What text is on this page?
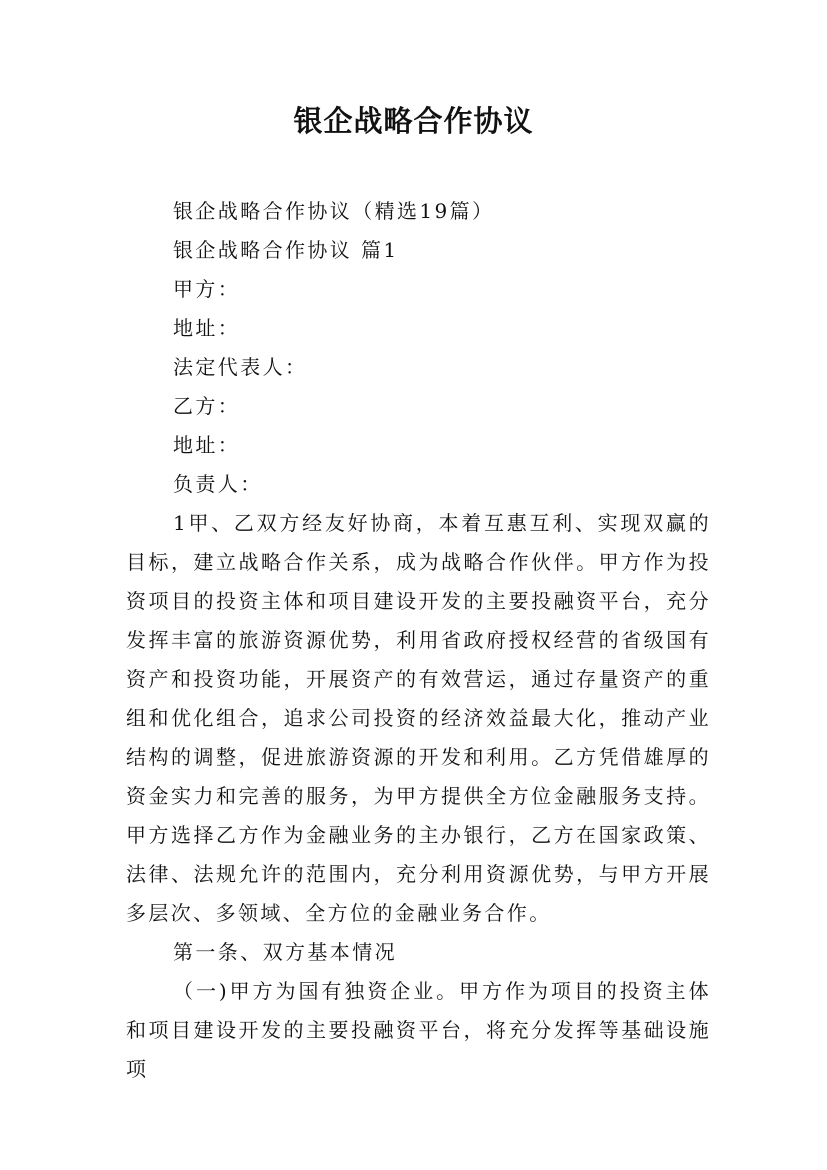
银企战略合作协议

银企战略合作协议（精选19篇）

银企战略合作协议 篇1

甲方：

地址：

法定代表人：

乙方：

地址：

负责人：

1甲、乙双方经友好协商，本着互惠互利、实现双赢的目标，建立战略合作关系，成为战略合作伙伴。甲方作为投资项目的投资主体和项目建设开发的主要投融资平台，充分发挥丰富的旅游资源优势，利用省政府授权经营的省级国有资产和投资功能，开展资产的有效营运，通过存量资产的重组和优化组合，追求公司投资的经济效益最大化，推动产业结构的调整，促进旅游资源的开发和利用。乙方凭借雄厚的资金实力和完善的服务，为甲方提供全方位金融服务支持。甲方选择乙方作为金融业务的主办银行，乙方在国家政策、法律、法规允许的范围内，充分利用资源优势，与甲方开展多层次、多领域、全方位的金融业务合作。

第一条、双方基本情况

（一)甲方为国有独资企业。甲方作为项目的投资主体和项目建设开发的主要投融资平台，将充分发挥等基础设施项
